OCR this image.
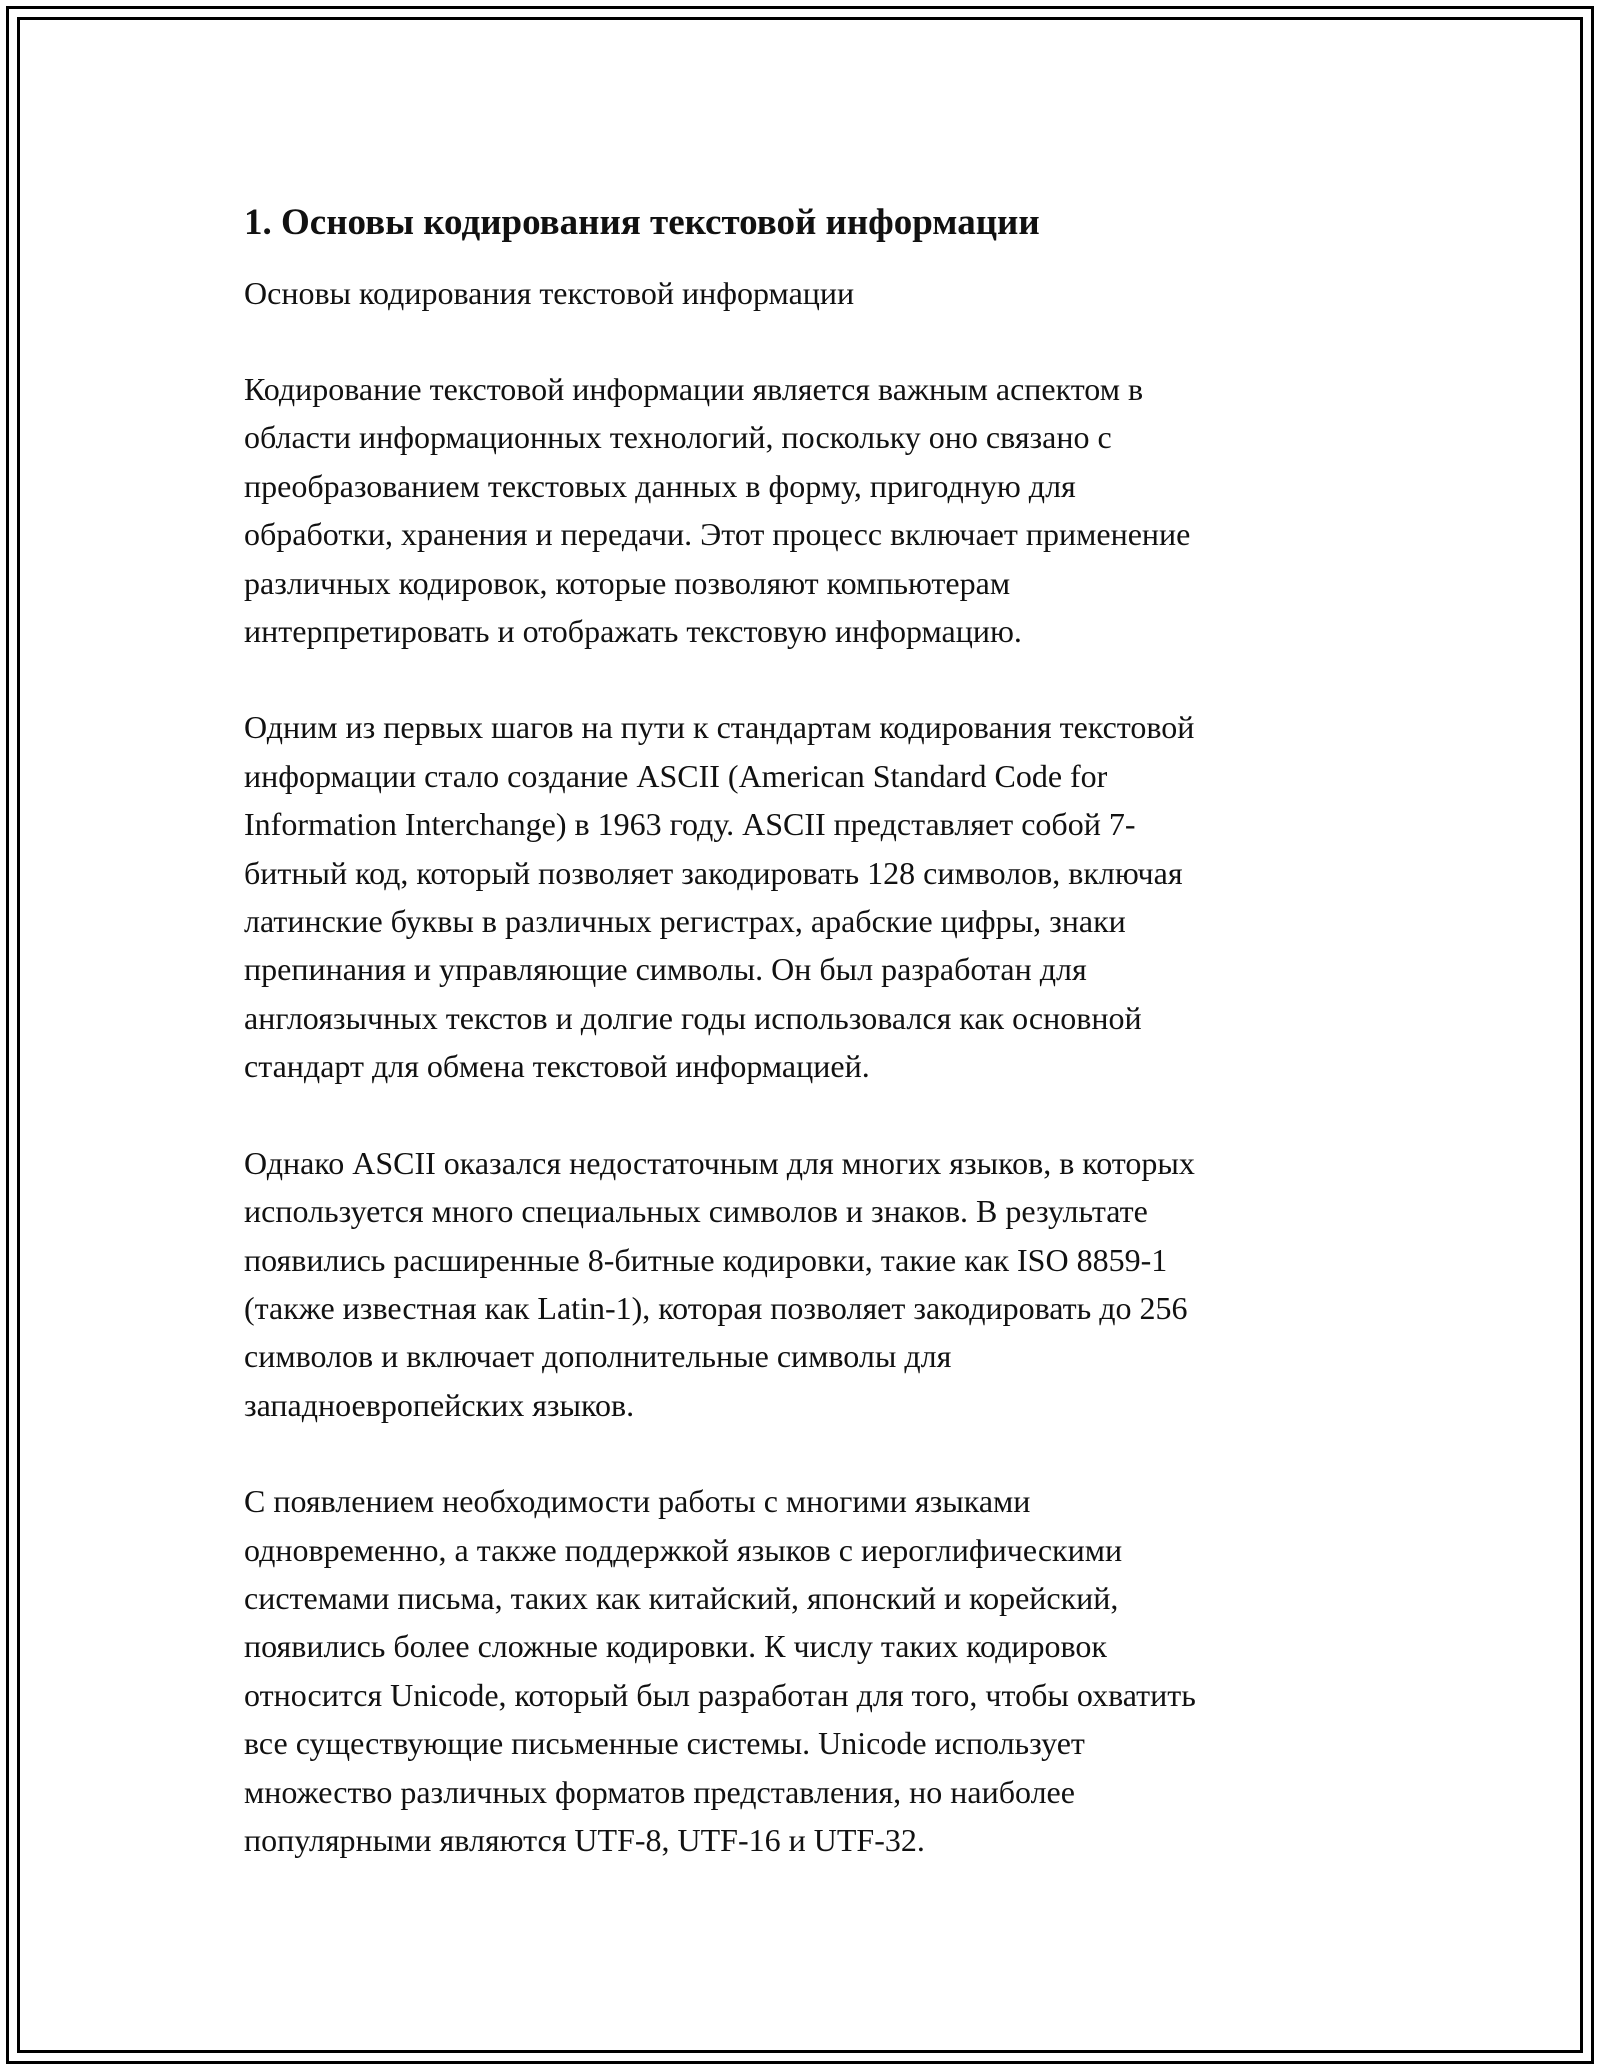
1. Основы кодирования текстовой информации

Основы кодирования текстовой информации

Кодирование текстовой информации является важным аспектом в
области информационных технологий, поскольку оно связано с
преобразованием текстовых данных в форму, пригодную для
обработки, хранения и передачи. Этот процесс включает применение
различных кодировок, которые позволяют компьютерам
интерпретировать и отображать текстовую информацию.

Одним из первых шагов на пути к стандартам кодирования текстовой
информации стало создание ASCII (American Standard Code for
Information Interchange) в 1963 году. ASCII представляет собой 7-
битный код, который позволяет закодировать 128 символов, включая
латинские буквы в различных регистрах, арабские цифры, знаки
препинания и управляющие символы. Он был разработан для
англоязычных текстов и долгие годы использовался как основной
стандарт для обмена текстовой информацией.

Однако ASCII оказался недостаточным для многих языков, в которых
используется много специальных символов и знаков. В результате
появились расширенные 8-битные кодировки, такие как ISO 8859-1
(также известная как Latin-1), которая позволяет закодировать до 256
символов и включает дополнительные символы для
западноевропейских языков.

С появлением необходимости работы с многими языками
одновременно, а также поддержкой языков с иероглифическими
системами письма, таких как китайский, японский и корейский,
появились более сложные кодировки. К числу таких кодировок
относится Unicode, который был разработан для того, чтобы охватить
все существующие письменные системы. Unicode использует
множество различных форматов представления, но наиболее
популярными являются UTF-8, UTF-16 и UTF-32.
